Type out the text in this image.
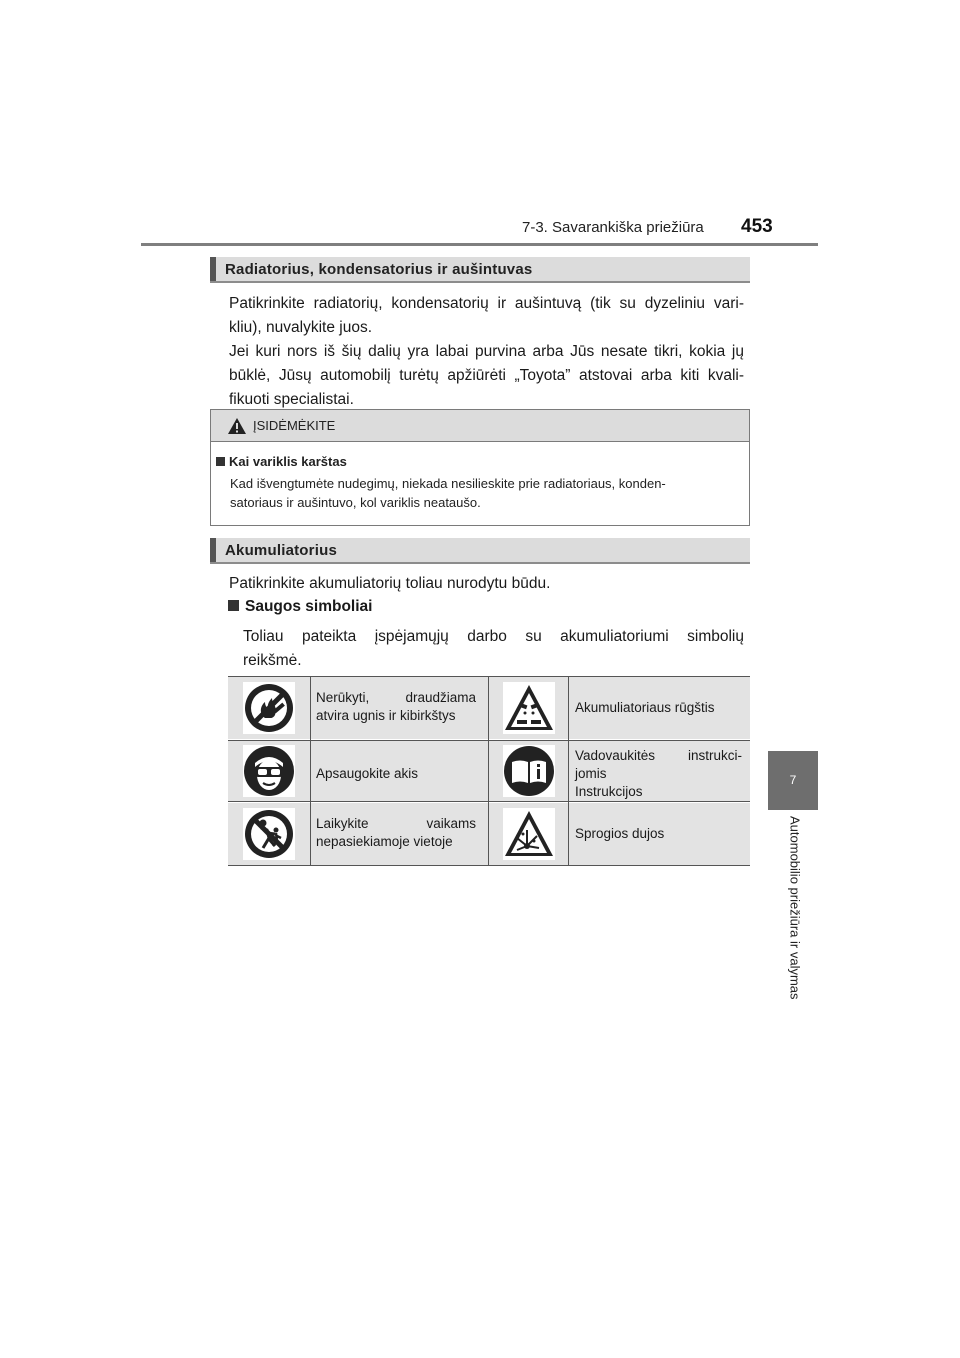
7-3. Savarankiška priežiūra 453
7
Automobilio priežiūra ir valymas
Radiatorius, kondensatorius ir aušintuvas
Patikrinkite radiatorių, kondensatorių ir aušintuvą (tik su dyzeliniu vari-
kliu), nuvalykite juos.
Jei kuri nors iš šių dalių yra labai purvina arba Jūs nesate tikri, kokia jų
būklė, Jūsų automobilį turėtų apžiūrėti „Toyota” atstovai arba kiti kvali-
fikuoti specialistai.
ĮSIDĖMĖKITE
Kai variklis karštas
Kad išvengtumėte nudegimų, niekada nesilieskite prie radiatoriaus, konden-
satoriaus ir aušintuvo, kol variklis neataušo.
Akumuliatorius
Patikrinkite akumuliatorių toliau nurodytu būdu.
Saugos simboliai
Toliau pateikta įspėjamųjų darbo su akumuliatoriumi simbolių
reikšmė.
Nerūkyti, draudžiama
atvira ugnis ir kibirkštys
Akumuliatoriaus rūgštis
Apsaugokite akis
Vadovaukitės instrukci-
jomis
Instrukcijos
Laikykite vaikams
nepasiekiamoje vietoje
Sprogios dujos
